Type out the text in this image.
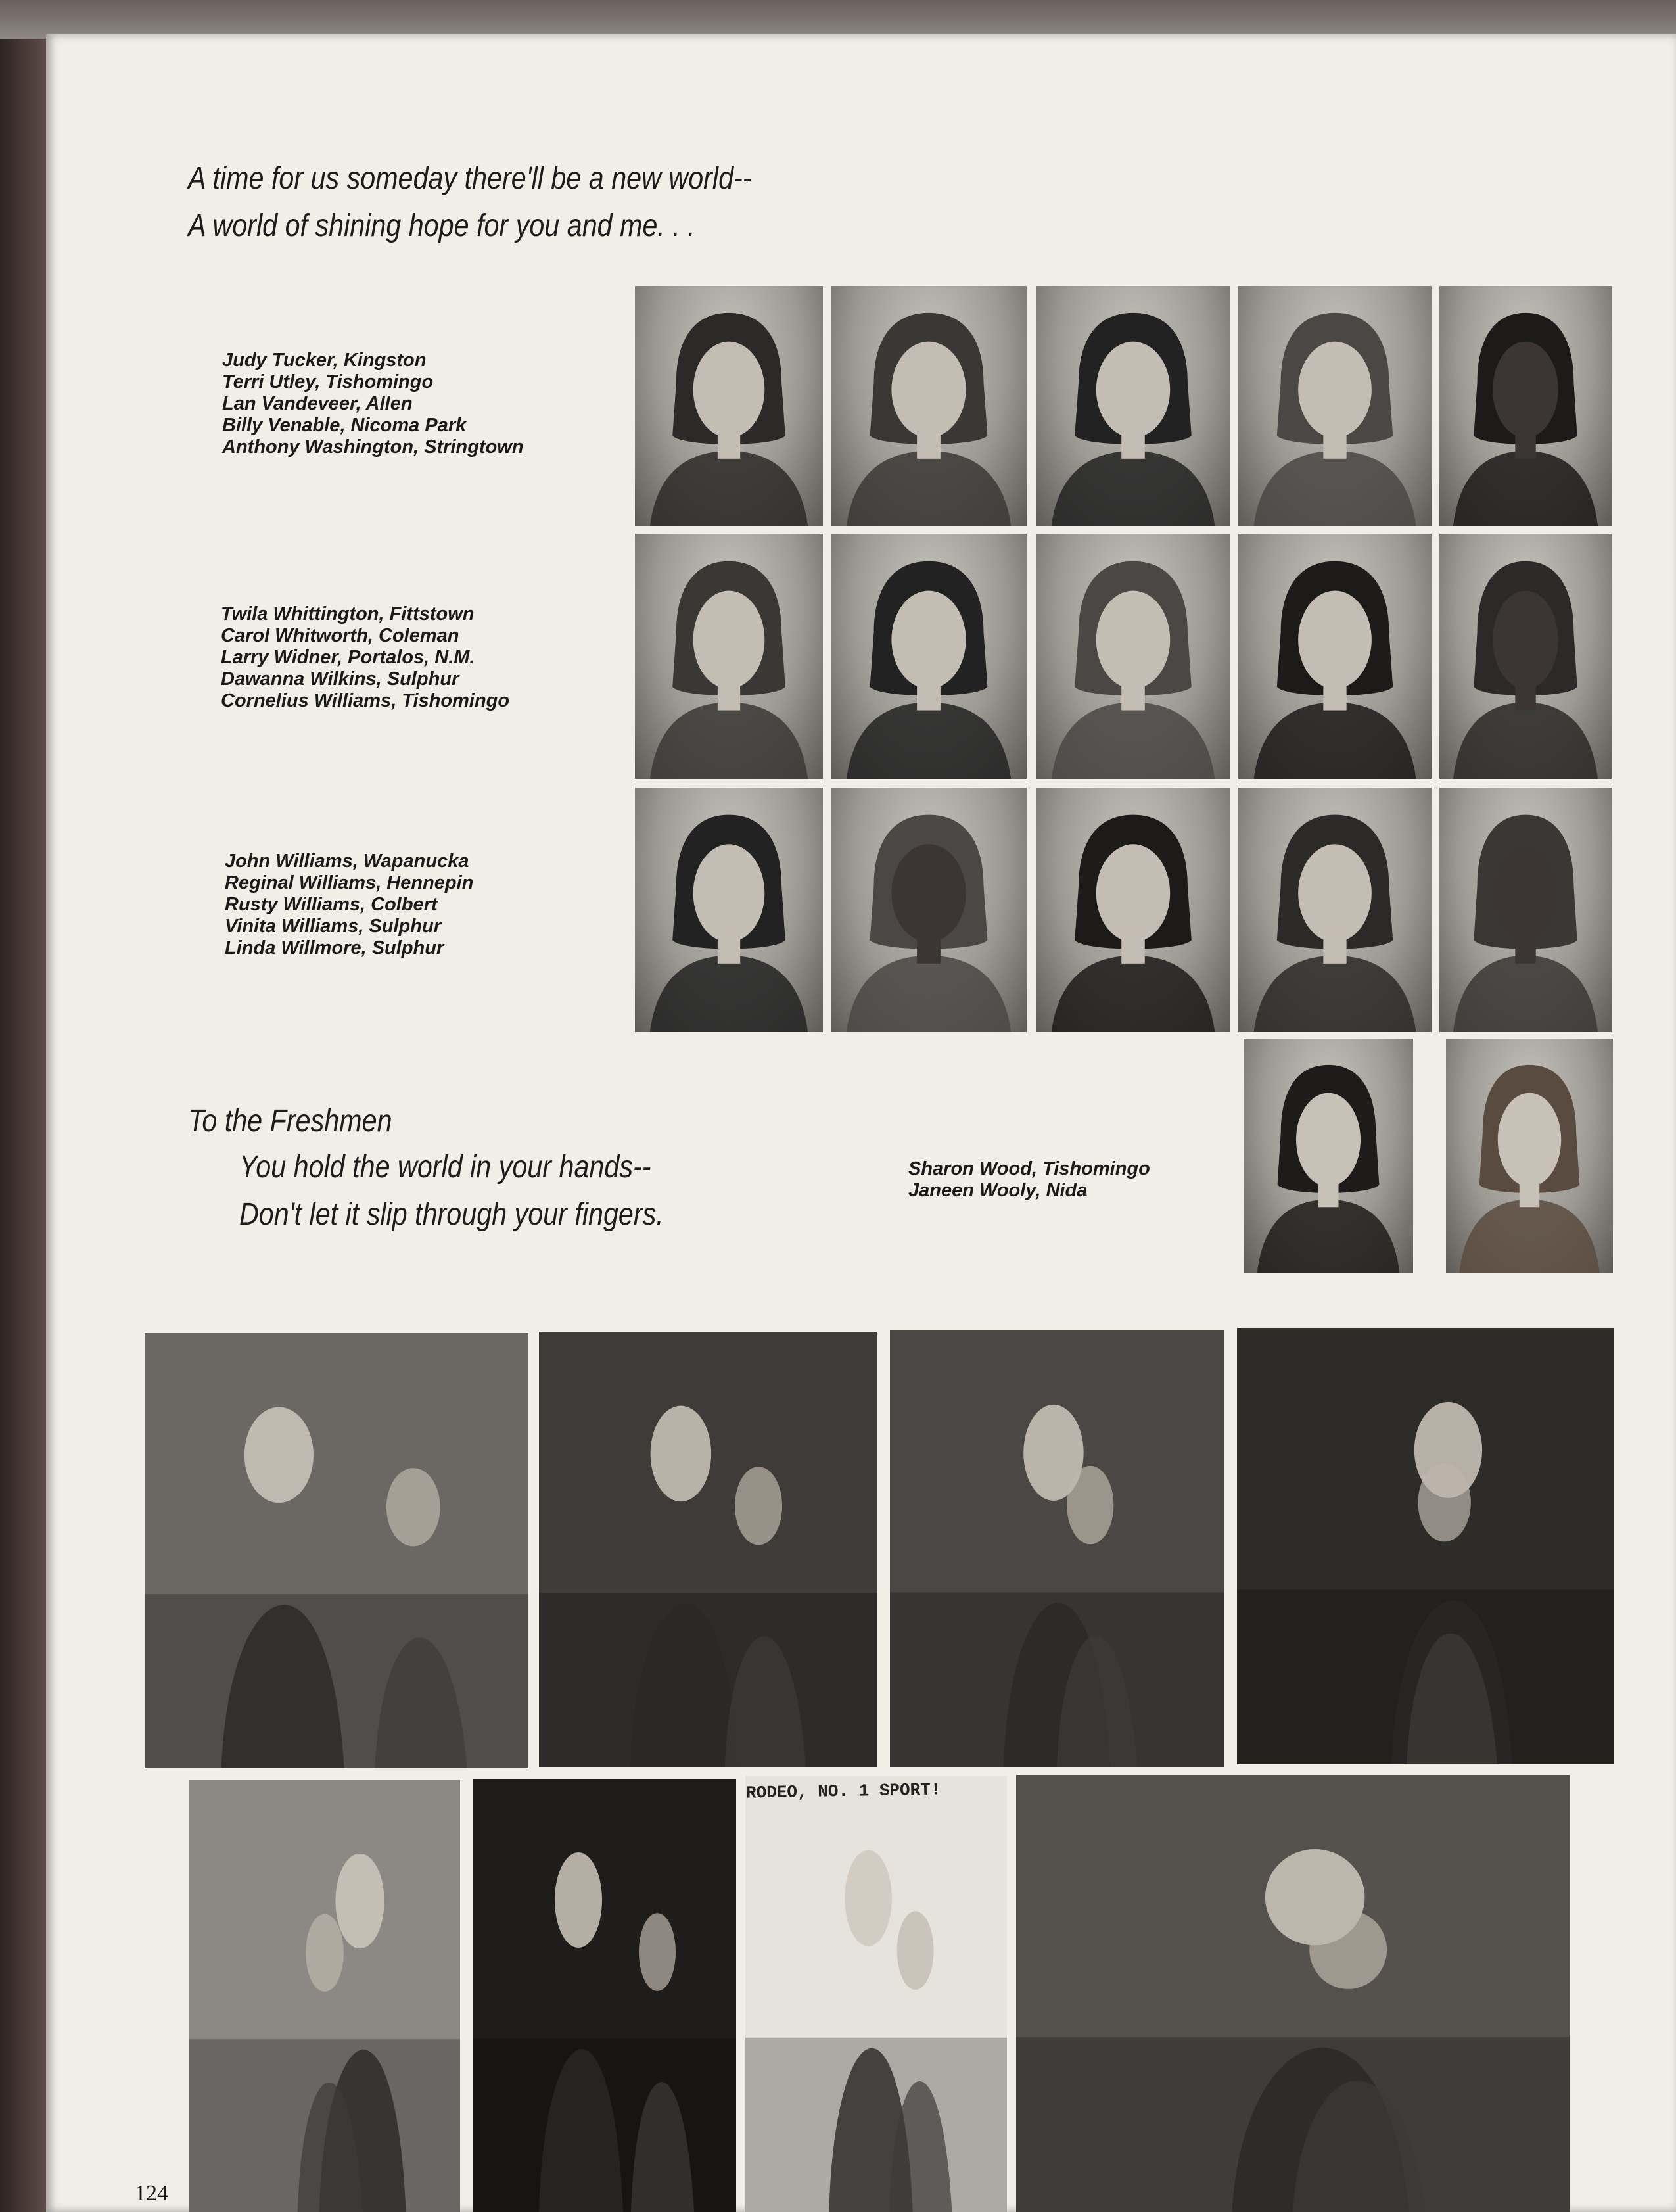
A time for us someday there'll be a new world--
A world of shining hope for you and me. . .
Judy Tucker, Kingston
Terri Utley, Tishomingo
Lan Vandeveer, Allen
Billy Venable, Nicoma Park
Anthony Washington, Stringtown
Twila Whittington, Fittstown
Carol Whitworth, Coleman
Larry Widner, Portalos, N.M.
Dawanna Wilkins, Sulphur
Cornelius Williams, Tishomingo
John Williams, Wapanucka
Reginal Williams, Hennepin
Rusty Williams, Colbert
Vinita Williams, Sulphur
Linda Willmore, Sulphur
Sharon Wood, Tishomingo
Janeen Wooly, Nida
To the Freshmen
You hold the world in your hands--
Don't let it slip through your fingers.
RODEO, NO. 1 SPORT!
124
